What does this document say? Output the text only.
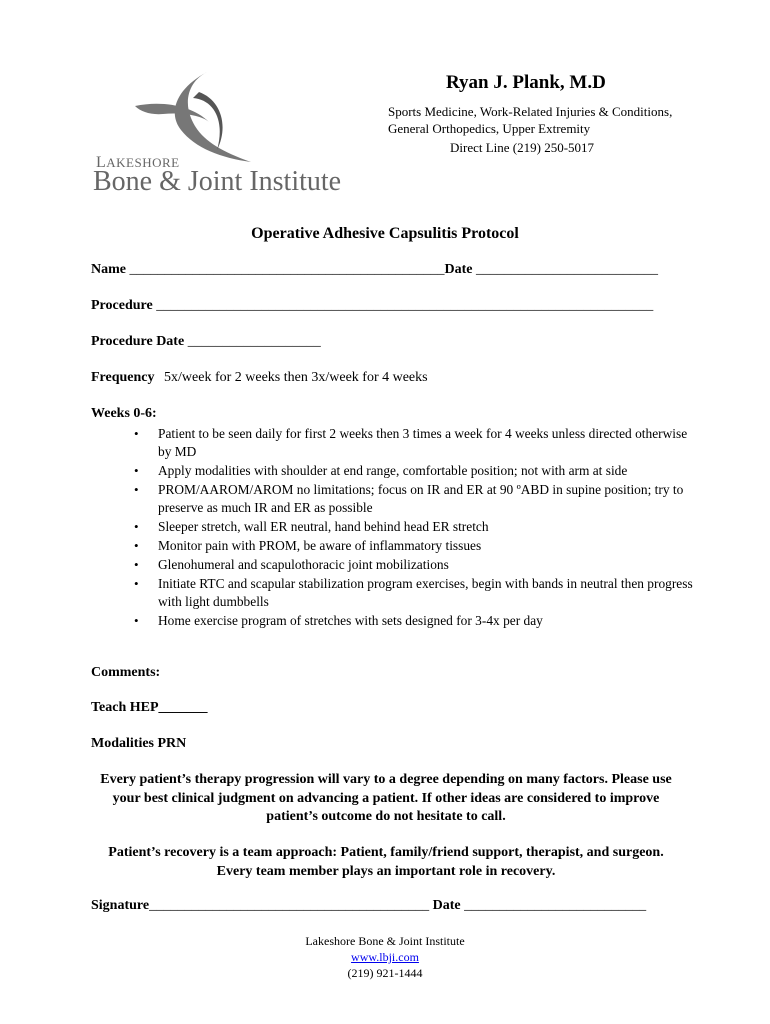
LAKESHORE
Bone & Joint Institute
Ryan J. Plank, M.D
Sports Medicine, Work-Related Injuries & Conditions,
General Orthopedics, Upper Extremity
Direct Line (219) 250-5017
Operative Adhesive Capsulitis Protocol
Name _____________________________________________Date __________________________
Procedure _______________________________________________________________________
Procedure Date ___________________
Frequency 5x/week for 2 weeks then 3x/week for 4 weeks
Weeks 0-6:
• Patient to be seen daily for first 2 weeks then 3 times a week for 4 weeks unless directed otherwise by MD
• Apply modalities with shoulder at end range, comfortable position; not with arm at side
• PROM/AAROM/AROM no limitations; focus on IR and ER at 90 ºABD in supine position; try to preserve as much IR and ER as possible
• Sleeper stretch, wall ER neutral, hand behind head ER stretch
• Monitor pain with PROM, be aware of inflammatory tissues
• Glenohumeral and scapulothoracic joint mobilizations
• Initiate RTC and scapular stabilization program exercises, begin with bands in neutral then progress with light dumbbells
• Home exercise program of stretches with sets designed for 3-4x per day
Comments:
Teach HEP_______
Modalities PRN
Every patient’s therapy progression will vary to a degree depending on many factors. Please use your best clinical judgment on advancing a patient. If other ideas are considered to improve patient’s outcome do not hesitate to call.
Patient’s recovery is a team approach: Patient, family/friend support, therapist, and surgeon. Every team member plays an important role in recovery.
Signature________________________________________ Date __________________________
Lakeshore Bone & Joint Institute
www.lbji.com
(219) 921-1444
